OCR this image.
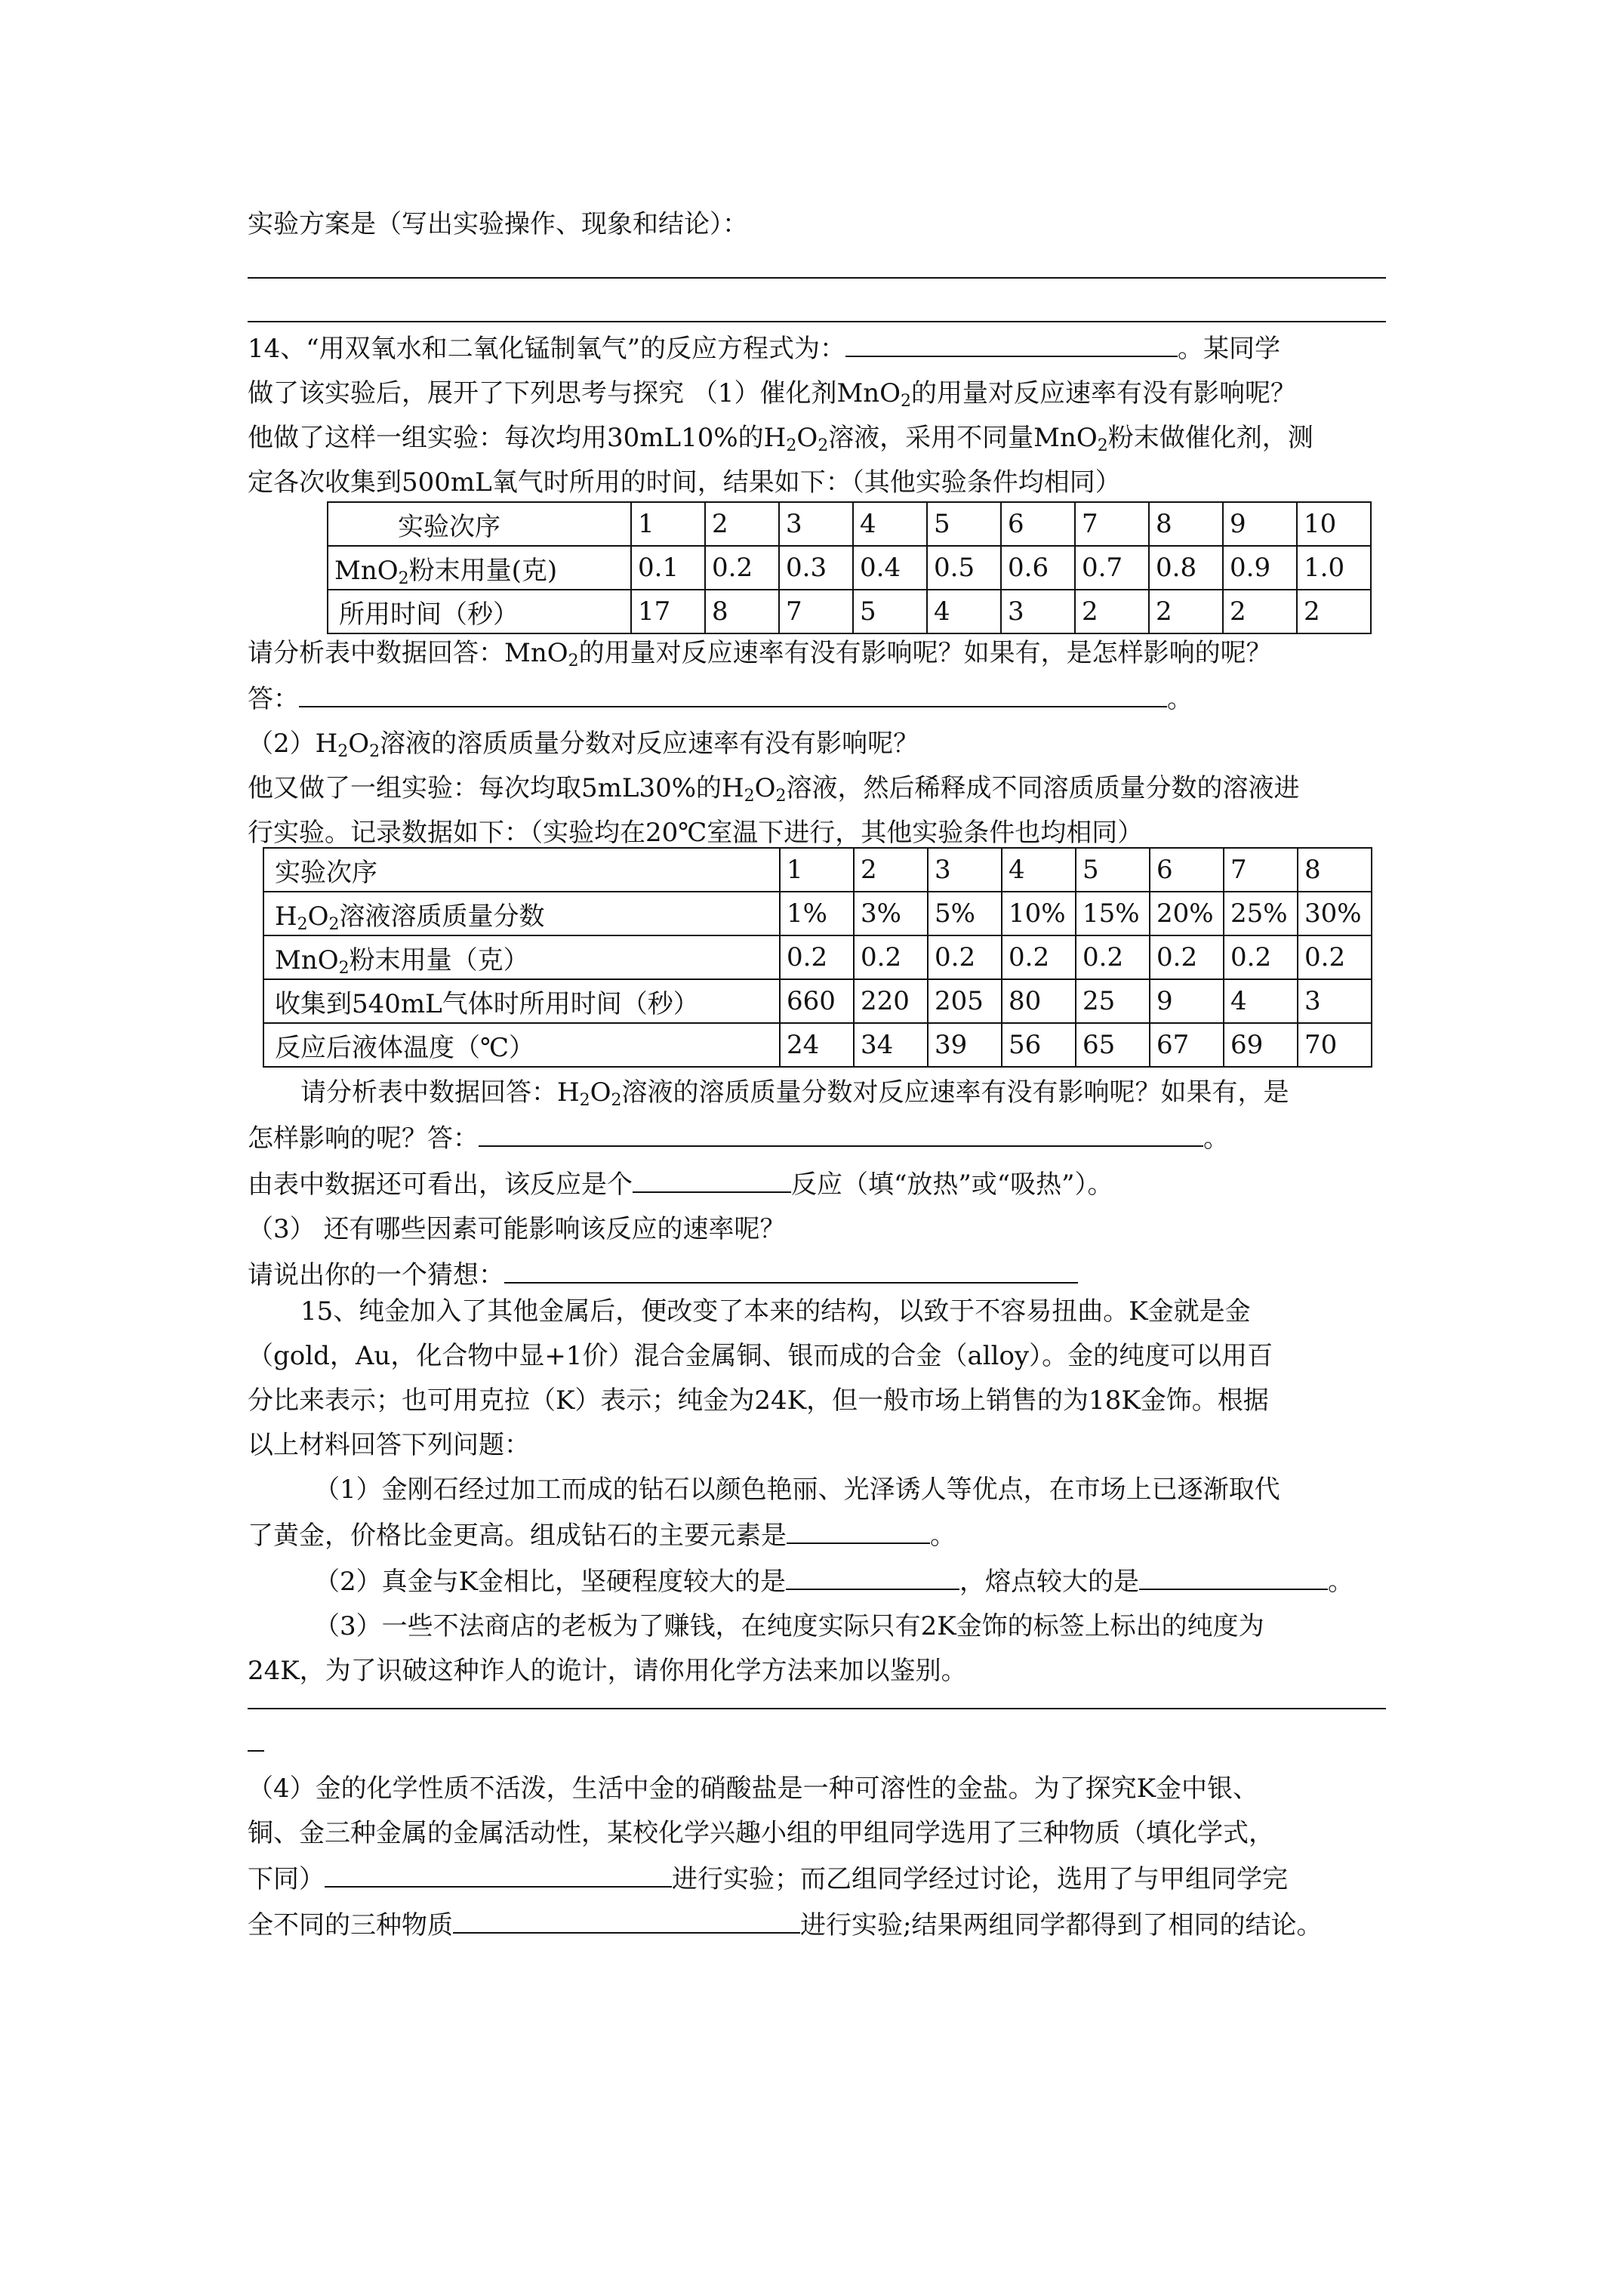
实验方案是（写出实验操作、现象和结论）：
14、“用双氧水和二氧化锰制氧气”的反应方程式为：	。某同学
做了该实验后，展开了下列思考与探究 （1）催化剂MnO$_2$的用量对反应速率有没有影响呢？
他做了这样一组实验：每次均用30mL10%的$H_2O_2$溶液，采用不同量MnO$_2$粉末做催化剂，测
定各次收集到500mL氧气时所用的时间，结果如下：（其他实验条件均相同）
实验次序	1	2	3	4	5	6	7	8	9	10
MnO$_2$粉末用量(克)	0.1	0.2	0.3	0.4	0.5	0.6	0.7	0.8	0.9	1.0
所用时间（秒）	17	8	7	5	4	3	2	2	2	2
请分析表中数据回答：MnO$_2$的用量对反应速率有没有影响呢？如果有，是怎样影响的呢？
答：	。
$(2)H_2O_2$溶液的溶质质量分数对反应速率有没有影响呢？
他又做了一组实验：每次均取5mL30%的$H_2O_2$溶液，然后稀释成不同溶质质量分数的溶液进
行实验。记录数据如下：（实验均在20℃室温下进行，其他实验条件也均相同）
实验次序	1	2	3	4	5	6	7	8
$H_2O_2$溶液溶质质量分数	1%	3%	5%	10%	15%	20%	25%	30%
MnO$_2$粉末用量（克）	0.2	0.2	0.2	0.2	0.2	0.2	0.2	0.2
收集到540mL气体时所用时间（秒）	660	220	205	80	25	9	4	3
反应后液体温度（℃）	24	34	39	56	65	67	69	70
请分析表中数据回答：$H_2O_2$溶液的溶质质量分数对反应速率有没有影响呢？如果有，是
怎样影响的呢？答：	。
由表中数据还可看出，该反应是个	反应（填“放热”或“吸热”）。
（3） 还有哪些因素可能影响该反应的速率呢？
请说出你的一个猜想：
15、纯金加入了其他金属后，便改变了本来的结构，以致于不容易扭曲。K金就是金
（gold，Au，化合物中显+1价）混合金属铜、银而成的合金（alloy）。金的纯度可以用百
分比来表示；也可用克拉（K）表示；纯金为24K，但一般市场上销售的为18K金饰。根据
以上材料回答下列问题：
（1）金刚石经过加工而成的钻石以颜色艳丽、光泽诱人等优点，在市场上已逐渐取代
了黄金，价格比金更高。组成钻石的主要元素是	。
（2）真金与K金相比，坚硬程度较大的是	，熔点较大的是	。
（3）一些不法商店的老板为了赚钱，在纯度实际只有2K金饰的标签上标出的纯度为
24K，为了识破这种诈人的诡计，请你用化学方法来加以鉴别。
（4）金的化学性质不活泼，生活中金的硝酸盐是一种可溶性的金盐。为了探究K金中银、
铜、金三种金属的金属活动性，某校化学兴趣小组的甲组同学选用了三种物质（填化学式，
下同）	进行实验；而乙组同学经过讨论，选用了与甲组同学完
全不同的三种物质	进行实验;结果两组同学都得到了相同的结论。
